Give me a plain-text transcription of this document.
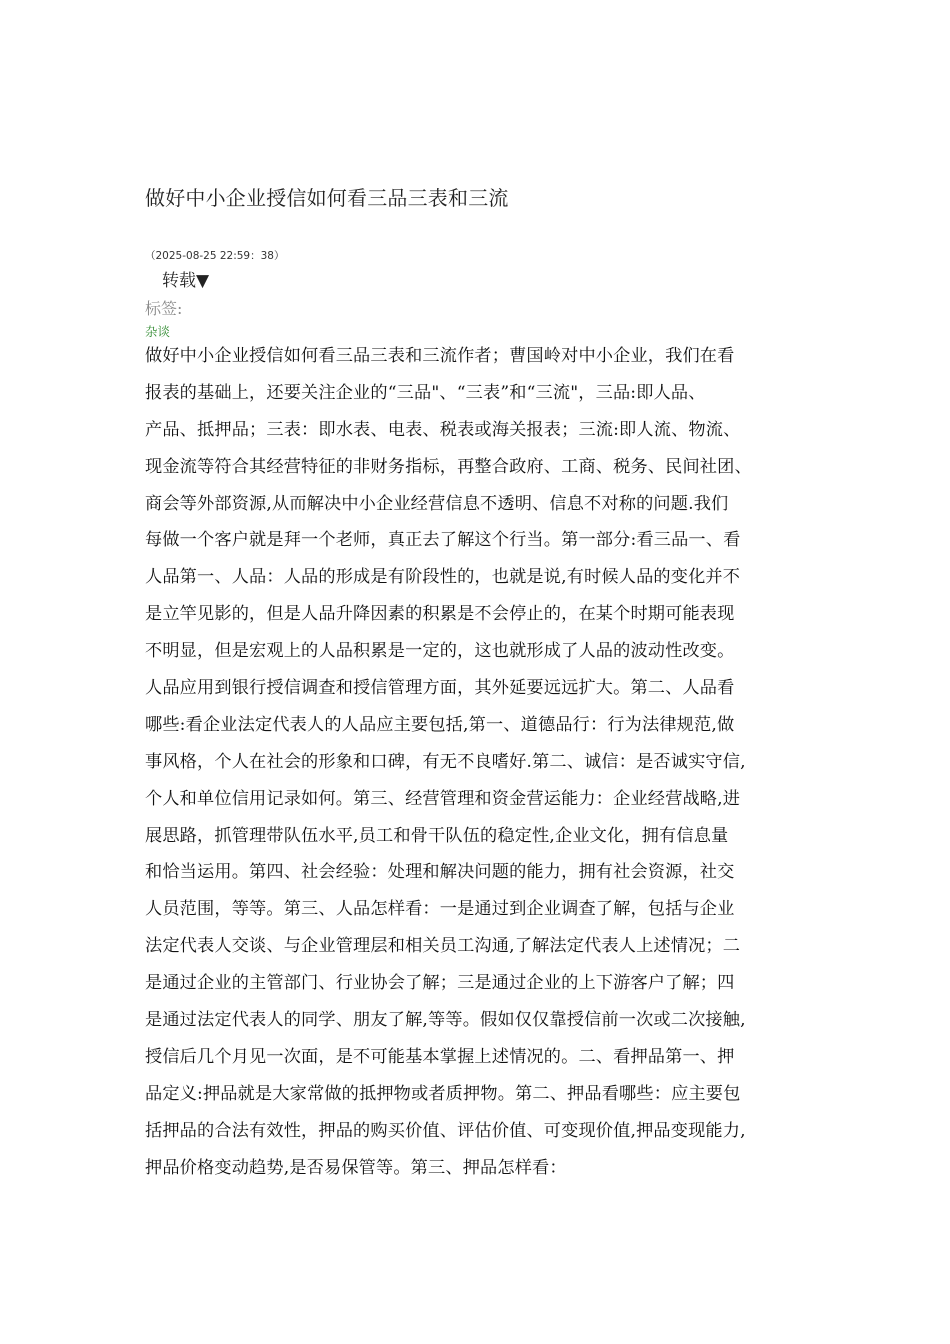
做好中小企业授信如何看三品三表和三流
（2025-08-25 22:59：38）
转载▼
标签:
杂谈
做好中小企业授信如何看三品三表和三流作者；曹国岭对中小企业，我们在看
报表的基础上，还要关注企业的“三品"、“三表”和“三流"，三品:即人品、
产品、抵押品；三表：即水表、电表、税表或海关报表；三流:即人流、物流、
现金流等符合其经营特征的非财务指标，再整合政府、工商、税务、民间社团、
商会等外部资源,从而解决中小企业经营信息不透明、信息不对称的问题.我们
每做一个客户就是拜一个老师，真正去了解这个行当。第一部分:看三品一、看
人品第一、人品：人品的形成是有阶段性的，也就是说,有时候人品的变化并不
是立竿见影的，但是人品升降因素的积累是不会停止的，在某个时期可能表现
不明显，但是宏观上的人品积累是一定的，这也就形成了人品的波动性改变。
人品应用到银行授信调查和授信管理方面，其外延要远远扩大。第二、人品看
哪些:看企业法定代表人的人品应主要包括,第一、道德品行：行为法律规范,做
事风格，个人在社会的形象和口碑，有无不良嗜好.第二、诚信：是否诚实守信,
个人和单位信用记录如何。第三、经营管理和资金营运能力：企业经营战略,进
展思路，抓管理带队伍水平,员工和骨干队伍的稳定性,企业文化，拥有信息量
和恰当运用。第四、社会经验：处理和解决问题的能力，拥有社会资源，社交
人员范围，等等。第三、人品怎样看：一是通过到企业调查了解，包括与企业
法定代表人交谈、与企业管理层和相关员工沟通,了解法定代表人上述情况；二
是通过企业的主管部门、行业协会了解；三是通过企业的上下游客户了解；四
是通过法定代表人的同学、朋友了解,等等。假如仅仅靠授信前一次或二次接触,
授信后几个月见一次面，是不可能基本掌握上述情况的。二、看押品第一、押
品定义:押品就是大家常做的抵押物或者质押物。第二、押品看哪些：应主要包
括押品的合法有效性，押品的购买价值、评估价值、可变现价值,押品变现能力,
押品价格变动趋势,是否易保管等。第三、押品怎样看：
